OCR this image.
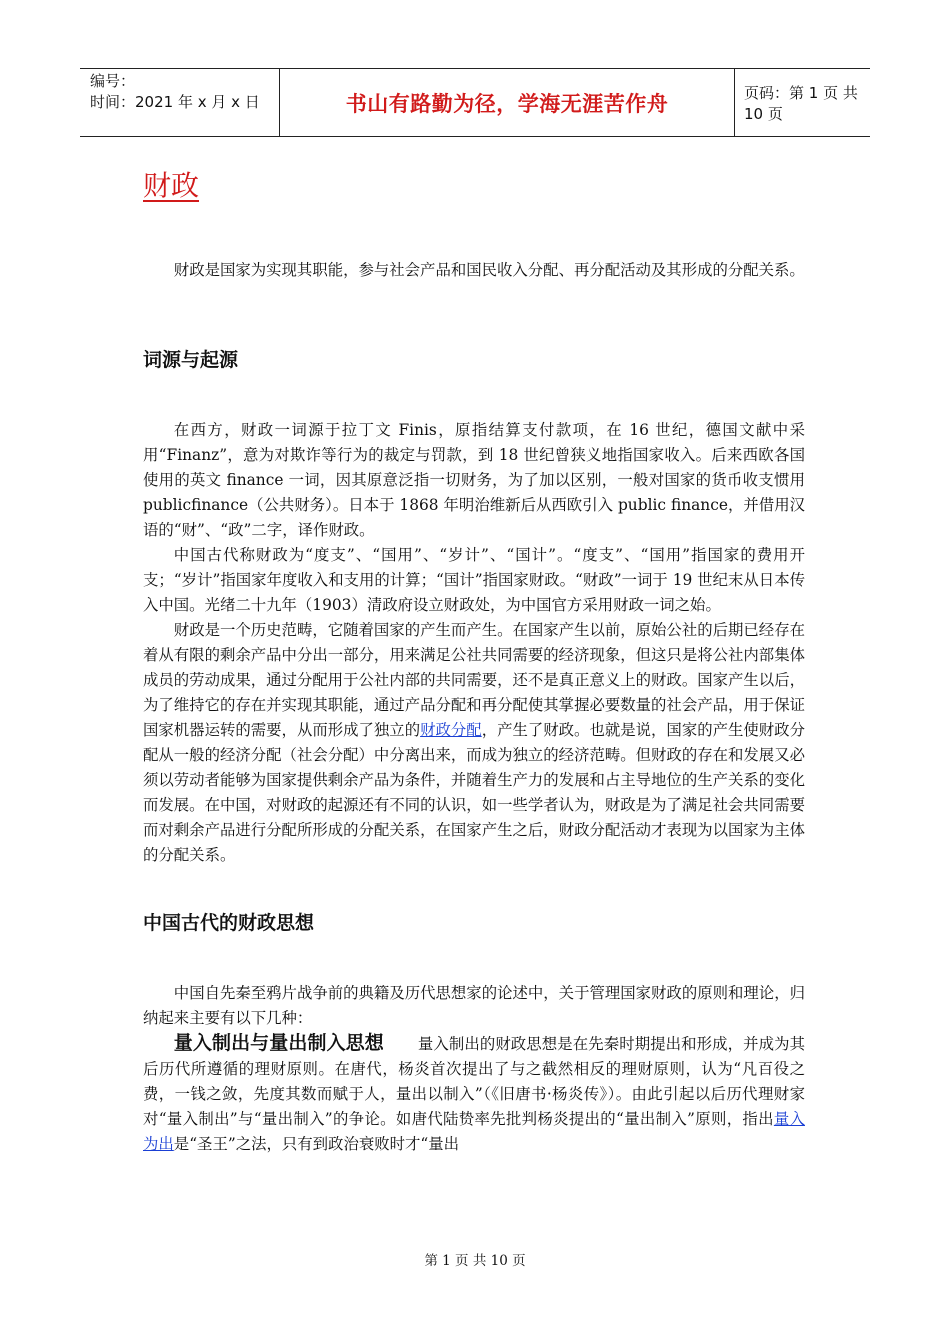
编号：
时间：2021 年 x 月 x 日	书山有路勤为径，学海无涯苦作舟	页码：第 1 页 共 10 页
财政

财政是国家为实现其职能，参与社会产品和国民收入分配、再分配活动及其形成的分配关系。

词源与起源

在西方，财政一词源于拉丁文 Finis，原指结算支付款项，在 16 世纪，德国文献中采用“Finanz”，意为对欺诈等行为的裁定与罚款，到 18 世纪曾狭义地指国家收入。后来西欧各国使用的英文 finance 一词，因其原意泛指一切财务，为了加以区别，一般对国家的货币收支惯用 publicfinance（公共财务）。日本于 1868 年明治维新后从西欧引入 public finance，并借用汉语的“财”、“政”二字，译作财政。

中国古代称财政为“度支”、“国用”、“岁计”、“国计”。“度支”、“国用”指国家的费用开支；“岁计”指国家年度收入和支用的计算；“国计”指国家财政。“财政”一词于 19 世纪末从日本传入中国。光绪二十九年（1903）清政府设立财政处，为中国官方采用财政一词之始。

财政是一个历史范畴，它随着国家的产生而产生。在国家产生以前，原始公社的后期已经存在着从有限的剩余产品中分出一部分，用来满足公社共同需要的经济现象，但这只是将公社内部集体成员的劳动成果，通过分配用于公社内部的共同需要，还不是真正意义上的财政。国家产生以后，为了维持它的存在并实现其职能，通过产品分配和再分配使其掌握必要数量的社会产品，用于保证国家机器运转的需要，从而形成了独立的财政分配，产生了财政。也就是说，国家的产生使财政分配从一般的经济分配（社会分配）中分离出来，而成为独立的经济范畴。但财政的存在和发展又必须以劳动者能够为国家提供剩余产品为条件，并随着生产力的发展和占主导地位的生产关系的变化而发展。在中国，对财政的起源还有不同的认识，如一些学者认为，财政是为了满足社会共同需要而对剩余产品进行分配所形成的分配关系，在国家产生之后，财政分配活动才表现为以国家为主体的分配关系。

中国古代的财政思想

中国自先秦至鸦片战争前的典籍及历代思想家的论述中，关于管理国家财政的原则和理论，归纳起来主要有以下几种：

量入制出与量出制入思想 量入制出的财政思想是在先秦时期提出和形成，并成为其后历代所遵循的理财原则。在唐代，杨炎首次提出了与之截然相反的理财原则，认为“凡百役之费，一钱之敛，先度其数而赋于人，量出以制入”（《旧唐书·杨炎传》）。由此引起以后历代理财家对“量入制出”与“量出制入”的争论。如唐代陆贽率先批判杨炎提出的“量出制入”原则，指出量入为出是“圣王”之法，只有到政治衰败时才“量出

第 1 页 共 10 页
